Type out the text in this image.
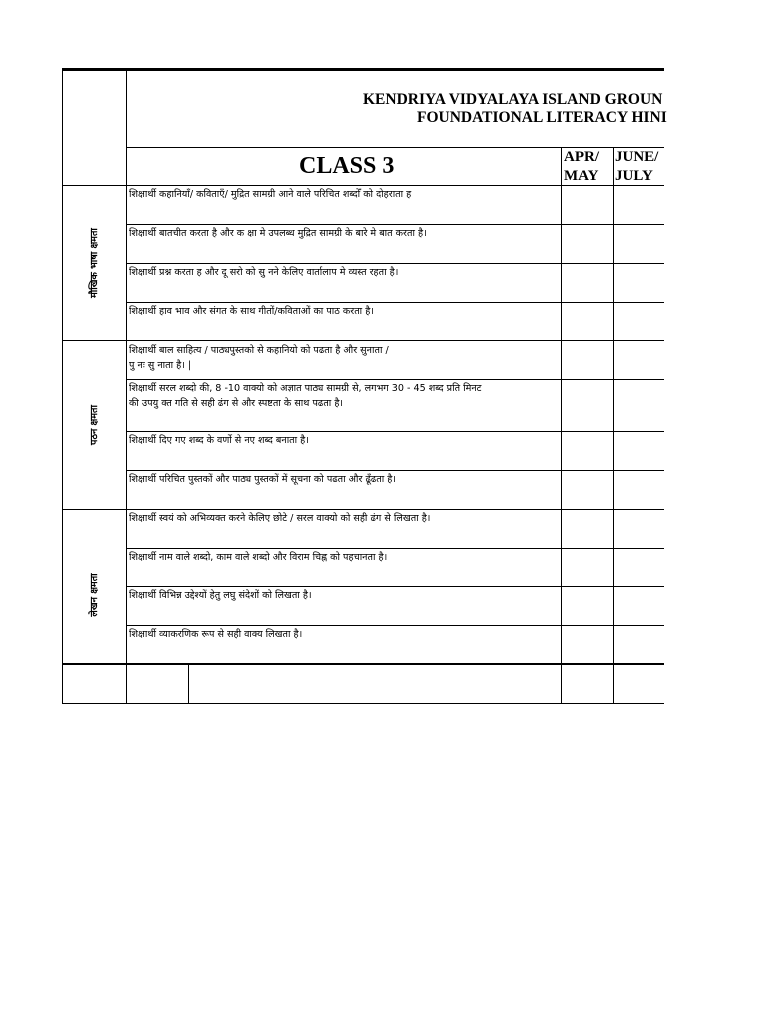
KENDRIYA VIDYALAYA ISLAND GROUN
FOUNDATIONAL LITERACY HINI
CLASS 3	APR/
MAY
JUNE/
JULY
मौखिक भाषा क्षमता
पठन क्षमता
लेखन क्षमता
शिक्षार्थी कहानियाँ/ कविताएँ/ मुद्रित सामग्री आने वाले परिचित शब्दोँ को दोहराता ह
शिक्षार्थी बातचीत करता है और क क्षा मे उपलब्ध मुद्रित सामग्री के बारे मे बात करता है।
शिक्षार्थी प्रश्न करता ह और दू सरो को सु नने केलिए वार्तालाप मे व्यस्त रहता है।
शिक्षार्थी हाव भाव और संगत के साथ गीतों/कविताओं का पाठ करता है।
शिक्षार्थी बाल साहित्य / पाठ्यपुस्तको से कहानियो को पढता है और सुनाता /
पु नः सु नाता है। |
शिक्षार्थी सरल शब्दो की, 8 -10 वाक्यो को अज्ञात पाठ्य सामग्री से, लगभग 30 - 45 शब्द प्रति मिनट
की उपयु क्त गति से सही ढंग से और स्पष्टता के साथ पढता है।
शिक्षार्थी दिए गए शब्द के वर्णो से नए शब्द बनाता है।
शिक्षार्थी परिचित पुस्तकों और पाठ्य पुस्तकों में सूचना को पढता और ढूँढता है।
शिक्षार्थी स्वयं को अभिव्यक्त करने केलिए छोटे / सरल वाक्यो को सही ढंग से लिखता है।
शिक्षार्थी नाम वाले शब्दो, काम वाले शब्दो और विराम चिह्न को पहचानता है।
शिक्षार्थी विभिन्न उद्देश्यों हेतु लघु संदेशों को लिखता है।
शिक्षार्थी व्याकरणिक रूप से सही वाक्य लिखता है।
